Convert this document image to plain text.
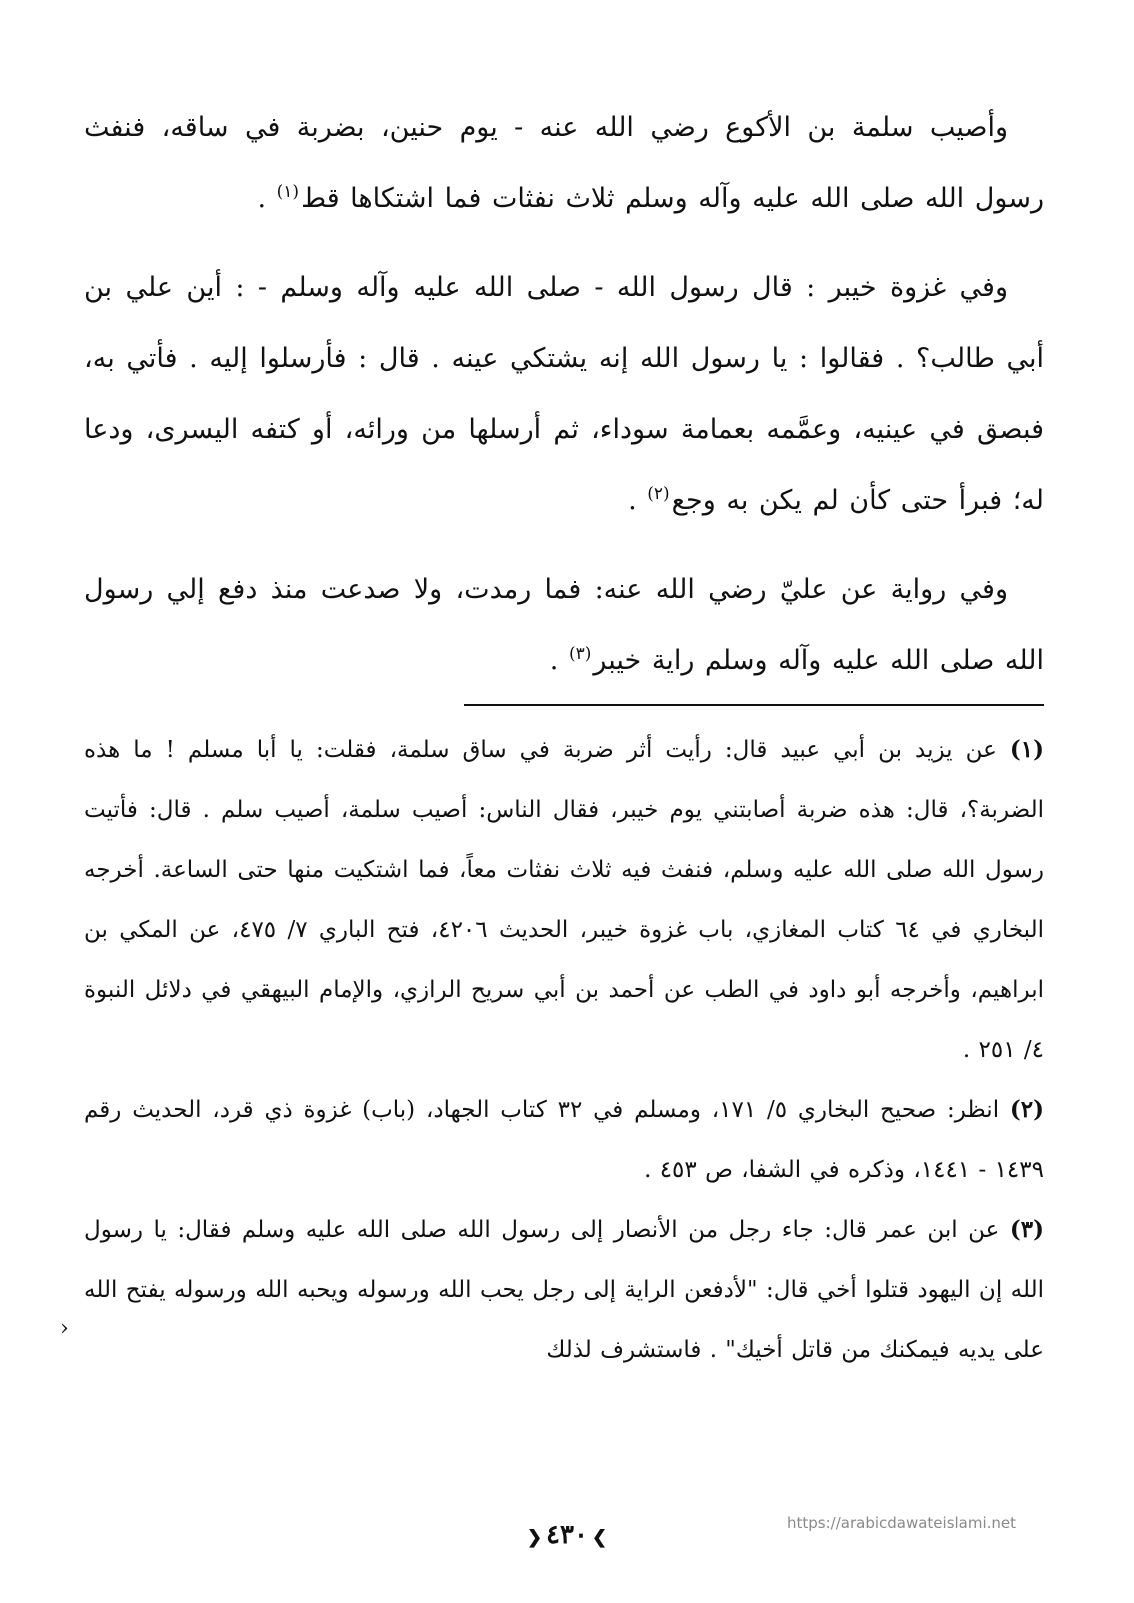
وأصيب سلمة بن الأكوع رضي الله عنه - يوم حنين، بضربة في ساقه، فنفث رسول الله صلى الله عليه وآله وسلم ثلاث نفثات فما اشتكاها قط$^{(١)}$ .

وفي غزوة خيبر : قال رسول الله - صلى الله عليه وآله وسلم - : أين علي بن أبي طالب؟ . فقالوا : يا رسول الله إنه يشتكي عينه . قال : فأرسلوا إليه . فأتي به، فبصق في عينيه، وعمَّمه بعمامة سوداء، ثم أرسلها من ورائه، أو كتفه اليسرى، ودعا له؛ فبرأ حتى كأن لم يكن به وجع$^{(٢)}$ .

وفي رواية عن عليّ رضي الله عنه: فما رمدت، ولا صدعت منذ دفع إلي رسول الله صلى الله عليه وآله وسلم راية خيبر$^{(٣)}$ .

(١) عن يزيد بن أبي عبيد قال: رأيت أثر ضربة في ساق سلمة، فقلت: يا أبا مسلم ! ما هذه الضربة؟، قال: هذه ضربة أصابتني يوم خيبر، فقال الناس: أصيب سلمة، أصيب سلم . قال: فأتيت رسول الله صلى الله عليه وسلم، فنفث فيه ثلاث نفثات معاً، فما اشتكيت منها حتى الساعة. أخرجه البخاري في ٦٤ كتاب المغازي، باب غزوة خيبر، الحديث ٤٢٠٦، فتح الباري ٧/ ٤٧٥، عن المكي بن ابراهيم، وأخرجه أبو داود في الطب عن أحمد بن أبي سريح الرازي، والإمام البيهقي في دلائل النبوة ٤/ ٢٥١ .

(٢) انظر: صحيح البخاري ٥/ ١٧١، ومسلم في ٣٢ كتاب الجهاد، (باب) غزوة ذي قرد، الحديث رقم ١٤٣٩ - ١٤٤١، وذكره في الشفا، ص ٤٥٣ .

(٣) عن ابن عمر قال: جاء رجل من الأنصار إلى رسول الله صلى الله عليه وسلم فقال: يا رسول الله إن اليهود قتلوا أخي قال: "لأدفعن الراية إلى رجل يحب الله ورسوله ويحبه الله ورسوله يفتح الله على يديه فيمكنك من قاتل أخيك" . فاستشرف لذلك

›
❯٤٣٠❮
https://arabicdawateislami.net
